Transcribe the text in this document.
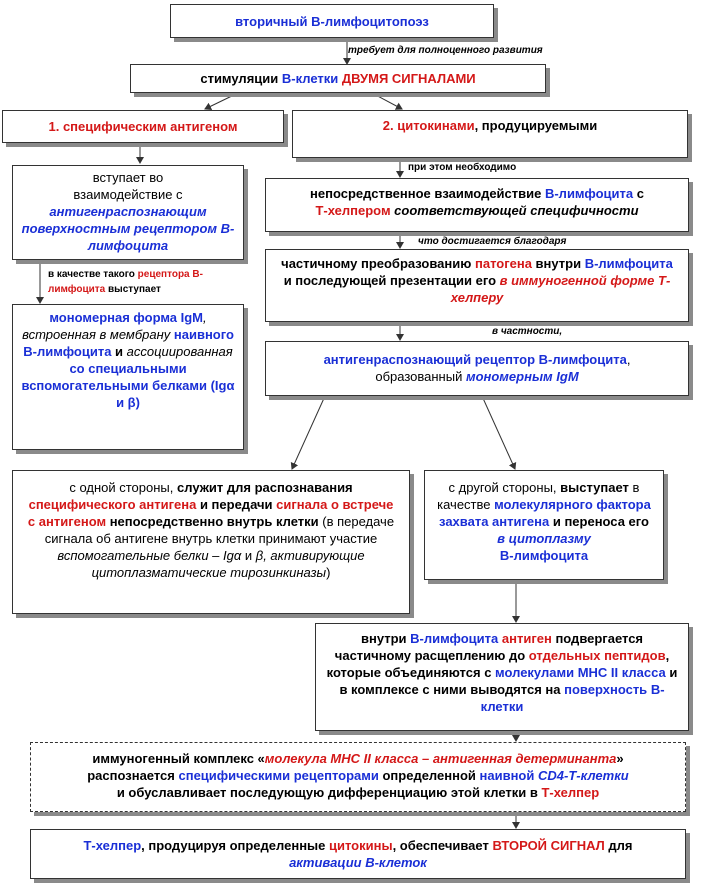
вторичный В-лимфоцитопоэз
требует для полноценного развития
стимуляции В-клетки ДВУМЯ СИГНАЛАМИ
1. специфическим антигеном	2. цитокинами, продуцируемыми
при этом необходимо
вступает во
взаимодействие с
антигенраспознающим поверхностным рецептором В-лимфоцита
непосредственное взаимодействие В-лимфоцита с
Т-хелпером соответствующей специфичности
что достигается благодаря
в качестве такого рецептора В-
лимфоцита выступает
частичному преобразованию патогена внутри В-лимфоцита и последующей презентации его в иммуногенной форме Т-хелперу
мономерная форма IgM, встроенная в мембрану наивного В-лимфоцита и ассоциированная со специальными вспомогательными белками (Igα и β)
в частности,
антигенраспознающий рецептор В-лимфоцита,
образованный мономерным IgM
с одной стороны, служит для распознавания специфического антигена и передачи сигнала о встрече с антигеном непосредственно внутрь клетки (в передаче сигнала об антигене внутрь клетки принимают участие вспомогательные белки – Igα и β, активирующие цитоплазматические тирозинкиназы)
с другой стороны, выступает в качестве молекулярного фактора захвата антигена и переноса его в цитоплазму
В-лимфоцита
внутри В-лимфоцита антиген подвергается частичному расщеплению до отдельных пептидов, которые объединяются с молекулами МНС II класса и в комплексе с ними выводятся на поверхность В-клетки
иммуногенный комплекс «молекула МНС II класса – антигенная детерминанта»
распознается специфическими рецепторами определенной наивной CD4-Т-клетки
и обуславливает последующую дифференциацию этой клетки в Т-хелпер
Т-хелпер, продуцируя определенные цитокины, обеспечивает ВТОРОЙ СИГНАЛ для
активации В-клеток
